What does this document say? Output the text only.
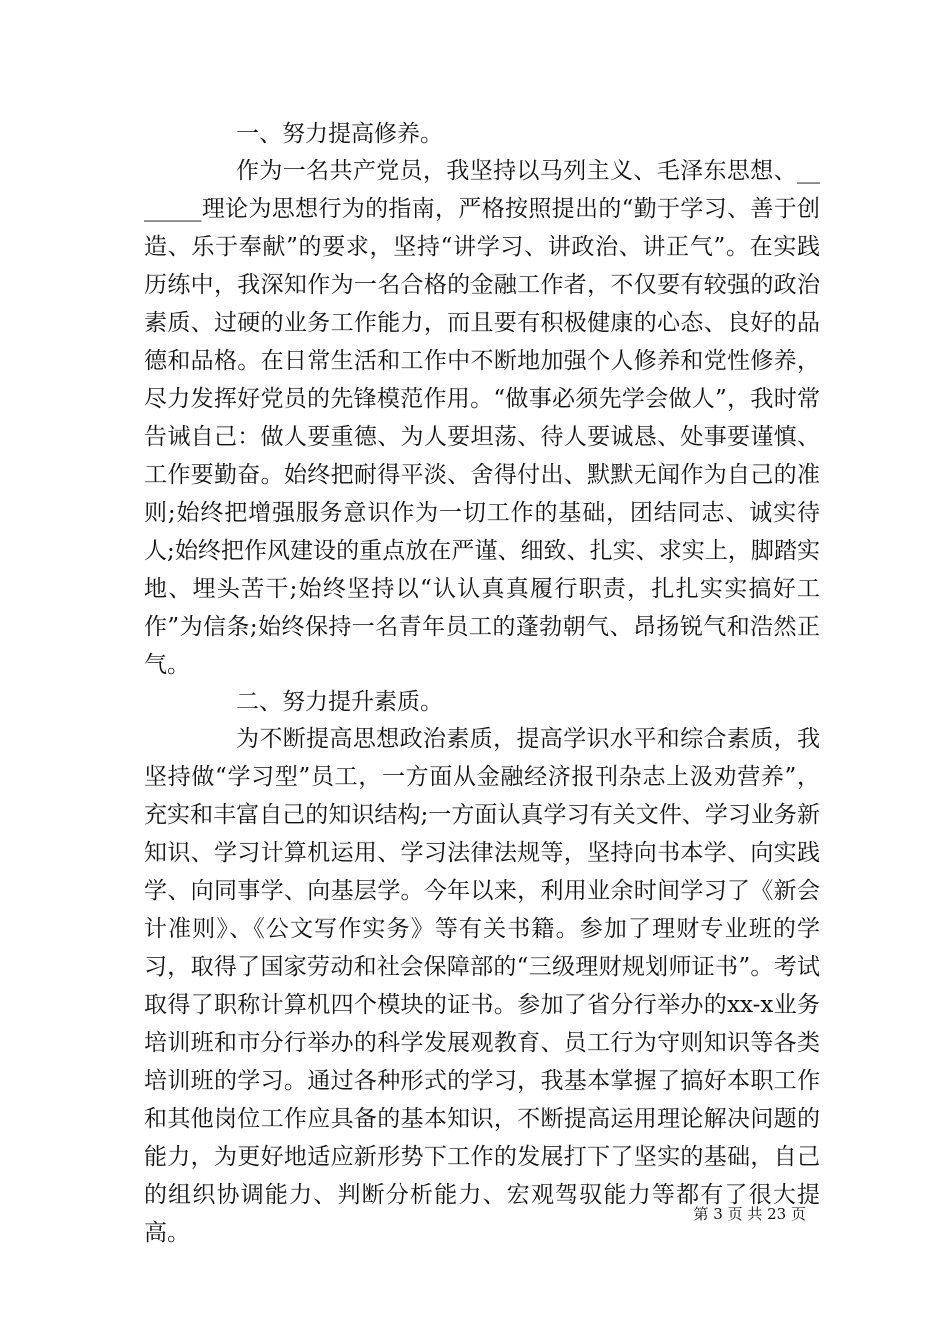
一、努力提高修养。

作为一名共产党员，我坚持以马列主义、毛泽东思想、_______理论为思想行为的指南，严格按照提出的“勤于学习、善于创造、乐于奉献”的要求，坚持“讲学习、讲政治、讲正气”。在实践历练中，我深知作为一名合格的金融工作者，不仅要有较强的政治素质、过硬的业务工作能力，而且要有积极健康的心态、良好的品德和品格。在日常生活和工作中不断地加强个人修养和党性修养，尽力发挥好党员的先锋模范作用。“做事必须先学会做人”，我时常告诫自己：做人要重德、为人要坦荡、待人要诚恳、处事要谨慎、工作要勤奋。始终把耐得平淡、舍得付出、默默无闻作为自己的准则;始终把增强服务意识作为一切工作的基础，团结同志、诚实待人;始终把作风建设的重点放在严谨、细致、扎实、求实上，脚踏实地、埋头苦干;始终坚持以“认认真真履行职责，扎扎实实搞好工作”为信条;始终保持一名青年员工的蓬勃朝气、昂扬锐气和浩然正气。

二、努力提升素质。

为不断提高思想政治素质，提高学识水平和综合素质，我坚持做“学习型”员工，一方面从金融经济报刊杂志上汲劝营养”，充实和丰富自己的知识结构;一方面认真学习有关文件、学习业务新知识、学习计算机运用、学习法律法规等，坚持向书本学、向实践学、向同事学、向基层学。今年以来，利用业余时间学习了《新会计准则》、《公文写作实务》等有关书籍。参加了理财专业班的学习，取得了国家劳动和社会保障部的“三级理财规划师证书”。考试取得了职称计算机四个模块的证书。参加了省分行举办的xx-x业务培训班和市分行举办的科学发展观教育、员工行为守则知识等各类培训班的学习。通过各种形式的学习，我基本掌握了搞好本职工作和其他岗位工作应具备的基本知识，不断提高运用理论解决问题的能力，为更好地适应新形势下工作的发展打下了坚实的基础，自己的组织协调能力、判断分析能力、宏观驾驭能力等都有了很大提高。

第 3 页 共 23 页
